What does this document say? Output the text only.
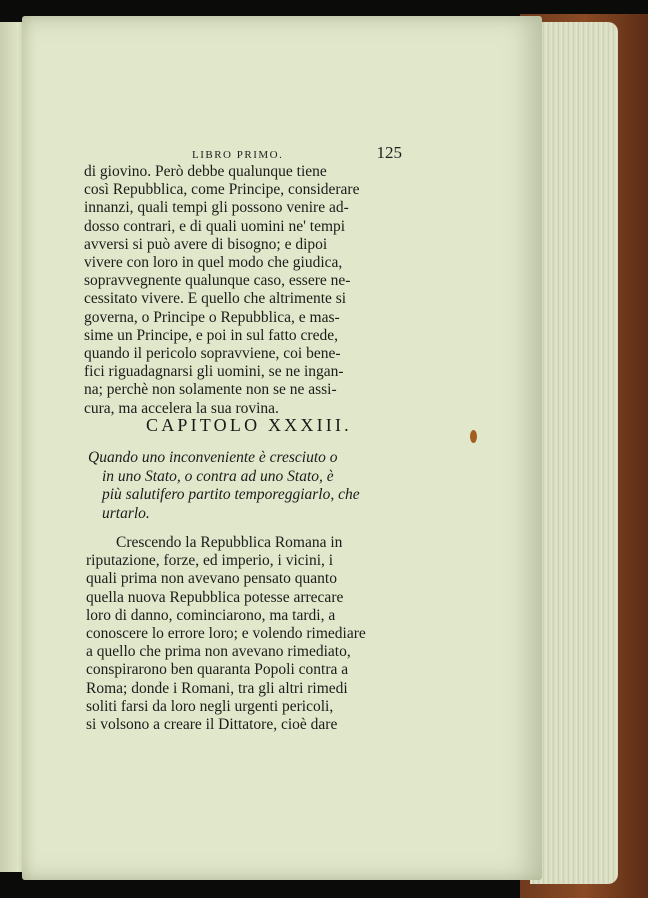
LIBRO PRIMO.	125
di giovino. Però debbe qualunque tiene
così Repubblica, come Principe, considerare
innanzi, quali tempi gli possono venire ad-
dosso contrari, e di quali uomini ne' tempi
avversi si può avere di bisogno; e dipoi
vivere con loro in quel modo che giudica,
sopravvegnente qualunque caso, essere ne-
cessitato vivere. E quello che altrimente si
governa, o Principe o Repubblica, e mas-
sime un Principe, e poi in sul fatto crede,
quando il pericolo sopravviene, coi bene-
fici riguadagnarsi gli uomini, se ne ingan-
na; perchè non solamente non se ne assi-
cura, ma accelera la sua rovina.
CAPITOLO XXXIII.
Quando uno inconveniente è cresciuto o
in uno Stato, o contra ad uno Stato, è
più salutifero partito temporeggiarlo, che
urtarlo.
Crescendo la Repubblica Romana in
riputazione, forze, ed imperio, i vicini, i
quali prima non avevano pensato quanto
quella nuova Repubblica potesse arrecare
loro di danno, cominciarono, ma tardi, a
conoscere lo errore loro; e volendo rimediare
a quello che prima non avevano rimediato,
conspirarono ben quaranta Popoli contra a
Roma; donde i Romani, tra gli altri rimedi
soliti farsi da loro negli urgenti pericoli,
si volsono a creare il Dittatore, cioè dare
